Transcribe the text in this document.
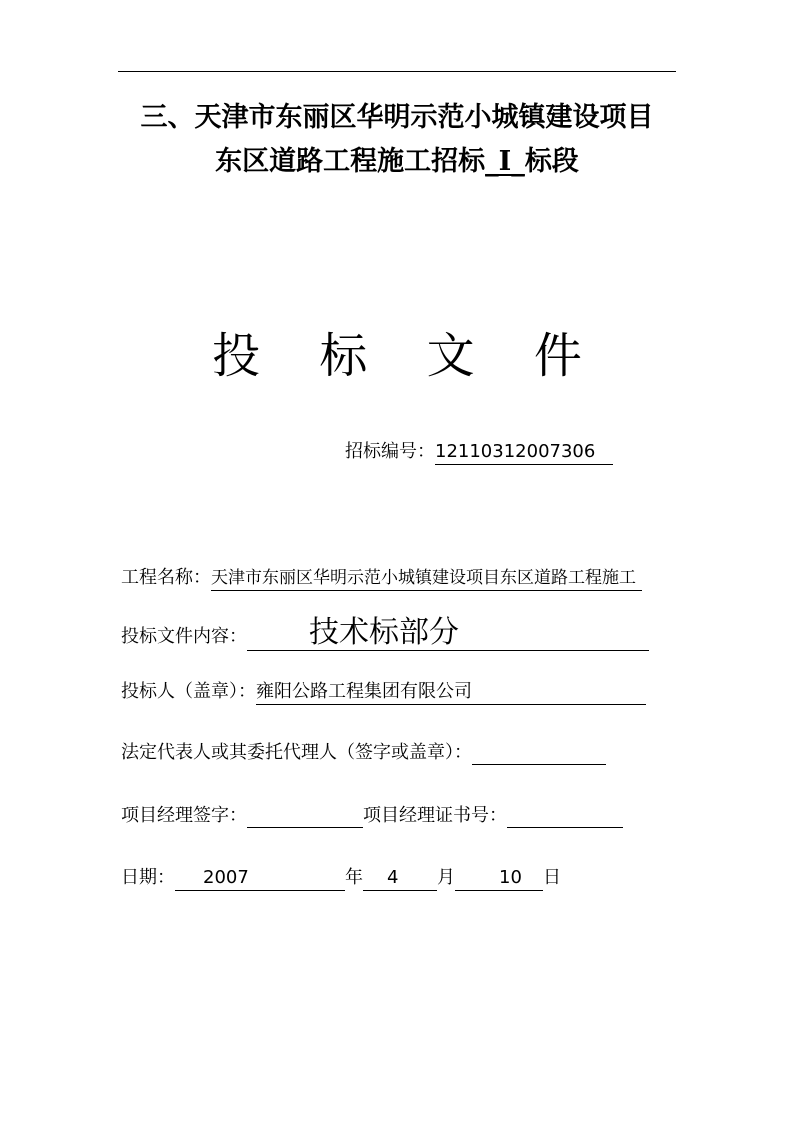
三、天津市东丽区华明示范小城镇建设项目
东区道路工程施工招标_Ⅰ_标段
投 标 文 件
招标编号：12110312007306
工程名称：天津市东丽区华明示范小城镇建设项目东区道路工程施工
投标文件内容： 技术标部分
投标人（盖章）：雍阳公路工程集团有限公司
法定代表人或其委托代理人（签字或盖章）：
项目经理签字：	项目经理证书号：
日期： 2007	年 4 月 10 日
